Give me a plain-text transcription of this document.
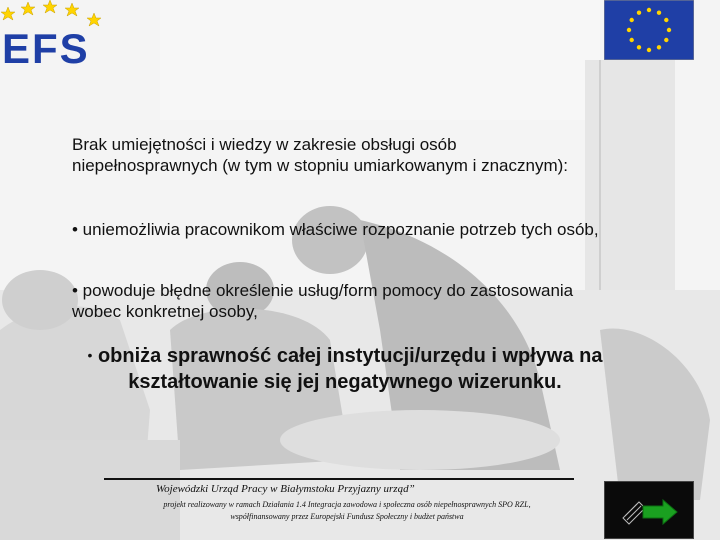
EFS
Brak umiejętności i wiedzy w zakresie obsługi osób niepełnosprawnych (w tym w stopniu umiarkowanym i znacznym):
• uniemożliwia pracownikom właściwe rozpoznanie potrzeb tych osób,
• powoduje błędne określenie usług/form pomocy do zastosowania wobec konkretnej osoby,
• obniża sprawność całej instytucji/urzędu i wpływa na kształtowanie się jej negatywnego wizerunku.
Wojewódzki Urząd Pracy w Białymstoku Przyjazny urząd”
projekt realizowany w ramach Działania 1.4 Integracja zawodowa i społeczna osób niepełnosprawnych SPO RZL,
współfinansowany przez Europejski Fundusz Społeczny i budżet państwa
